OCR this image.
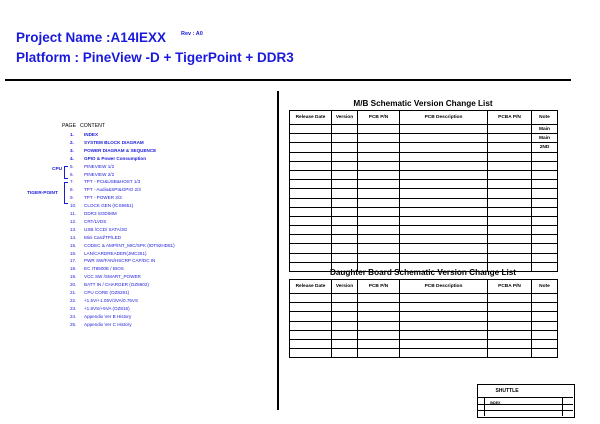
Project Name :A14IEXX	Rev : A0
Platform : PineView -D + TigerPoint + DDR3
PAGE CONTENT
1. INDEX
2. SYSTEM BLOCK DIAGRAM
3. POWER DIAGRAM & SEQUENCE
4. GPIO & Power Consumption
5. PINEVIEW 1/2
6. PINEVIEW 2/2
7. TPT - PCI&USB&HOST 1/3
8. TPT - Audio&SPI&GPIO 2/3
9. TPT - POWER 3/3
10. CLOCK GEN (ICS9651)
11. DDR3 SODIMM
12. CRT/LVDS
13. USB /CCD/ SATA/3G
14. Mini Card/TP/LED
15. CODEC & AMP/INT_MIC/SPK (IDT92HD81)
16. LAN/CARDREADER(JMC251)
17. PWR SW/FAN/HSCRP CAP/DC IN
18. EC IT8500E / BIOS
19. VCC SW /SMART_POWER
20. BATT IN / CHARGER (OZ8602)
21. CPU CORE (OZ8291)
22. +1.5V/+1.05V/3VA/0.75VS
23. +1.8VS/+5VA (OZ815)
24. Appendix Ver B History
25. Appendix Ver C History
CPU
TIGER-POINT
M/B Schematic Version Change List
Release Date	Version	PCB P/N	PCB Description	PCBA P/N	Note
					Main
					Main
					2ND

Daughter Board Schematic Version Change List
Release Date	Version	PCB P/N	PCB Description	PCBA P/N	Note

SHUTTLE
INDEX
